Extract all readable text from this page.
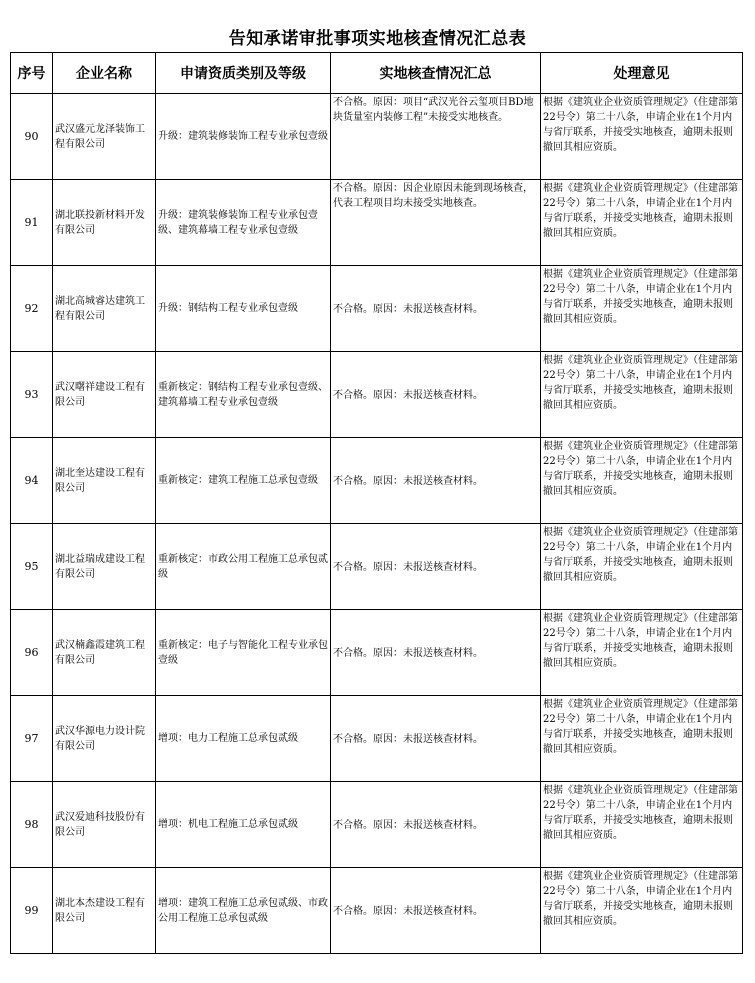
告知承诺审批事项实地核查情况汇总表
序号	企业名称	申请资质类别及等级	实地核查情况汇总	处理意见
90	武汉盛元龙泽装饰工程有限公司	升级：建筑装修装饰工程专业承包壹级	不合格。原因：项目“武汉光谷云玺项目BD地块货量室内装修工程”未接受实地核查。	根据《建筑业企业资质管理规定》（住建部第22号令）第二十八条，申请企业在1个月内与省厅联系，并接受实地核查，逾期未报则撤回其相应资质。
91	湖北联投新材料开发有限公司	升级：建筑装修装饰工程专业承包壹级、建筑幕墙工程专业承包壹级	不合格。原因：因企业原因未能到现场核查，代表工程项目均未接受实地核查。	根据《建筑业企业资质管理规定》（住建部第22号令）第二十八条，申请企业在1个月内与省厅联系，并接受实地核查，逾期未报则撤回其相应资质。
92	湖北高城睿达建筑工程有限公司	升级：钢结构工程专业承包壹级	不合格。原因：未报送核查材料。	根据《建筑业企业资质管理规定》（住建部第22号令）第二十八条，申请企业在1个月内与省厅联系，并接受实地核查，逾期未报则撤回其相应资质。
93	武汉曙祥建设工程有限公司	重新核定：钢结构工程专业承包壹级、建筑幕墙工程专业承包壹级	不合格。原因：未报送核查材料。	根据《建筑业企业资质管理规定》（住建部第22号令）第二十八条，申请企业在1个月内与省厅联系，并接受实地核查，逾期未报则撤回其相应资质。
94	湖北奎达建设工程有限公司	重新核定：建筑工程施工总承包壹级	不合格。原因：未报送核查材料。	根据《建筑业企业资质管理规定》（住建部第22号令）第二十八条，申请企业在1个月内与省厅联系，并接受实地核查，逾期未报则撤回其相应资质。
95	湖北益瑞成建设工程有限公司	重新核定：市政公用工程施工总承包贰级	不合格。原因：未报送核查材料。	根据《建筑业企业资质管理规定》（住建部第22号令）第二十八条，申请企业在1个月内与省厅联系，并接受实地核查，逾期未报则撤回其相应资质。
96	武汉楠鑫霞建筑工程有限公司	重新核定：电子与智能化工程专业承包壹级	不合格。原因：未报送核查材料。	根据《建筑业企业资质管理规定》（住建部第22号令）第二十八条，申请企业在1个月内与省厅联系，并接受实地核查，逾期未报则撤回其相应资质。
97	武汉华源电力设计院有限公司	增项：电力工程施工总承包贰级	不合格。原因：未报送核查材料。	根据《建筑业企业资质管理规定》（住建部第22号令）第二十八条，申请企业在1个月内与省厅联系，并接受实地核查，逾期未报则撤回其相应资质。
98	武汉爱迪科技股份有限公司	增项：机电工程施工总承包贰级	不合格。原因：未报送核查材料。	根据《建筑业企业资质管理规定》（住建部第22号令）第二十八条，申请企业在1个月内与省厅联系，并接受实地核查，逾期未报则撤回其相应资质。
99	湖北本杰建设工程有限公司	增项：建筑工程施工总承包贰级、市政公用工程施工总承包贰级	不合格。原因：未报送核查材料。	根据《建筑业企业资质管理规定》（住建部第22号令）第二十八条，申请企业在1个月内与省厅联系，并接受实地核查，逾期未报则撤回其相应资质。
